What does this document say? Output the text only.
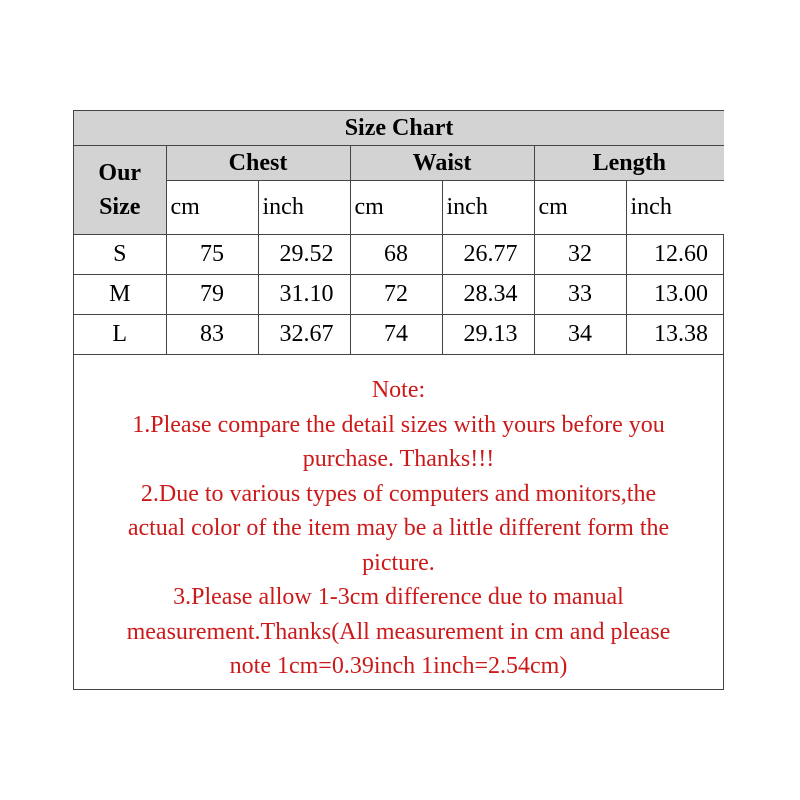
Size Chart						

Our
Size	Chest		Waist		Length	
	cm	inch	cm	inch	cm	inch
S	75	29.52	68	26.77	32	12.60
M	79	31.10	72	28.34	33	13.00
L	83	32.67	74	29.13	34	13.38
Note:
1.Please compare the detail sizes with yours before you
purchase. Thanks!!!
2.Due to various types of computers and monitors,the
actual color of the item may be a little different form the
picture.
3.Please allow 1-3cm difference due to manual
measurement.Thanks(All measurement in cm and please
note 1cm=0.39inch 1inch=2.54cm)
